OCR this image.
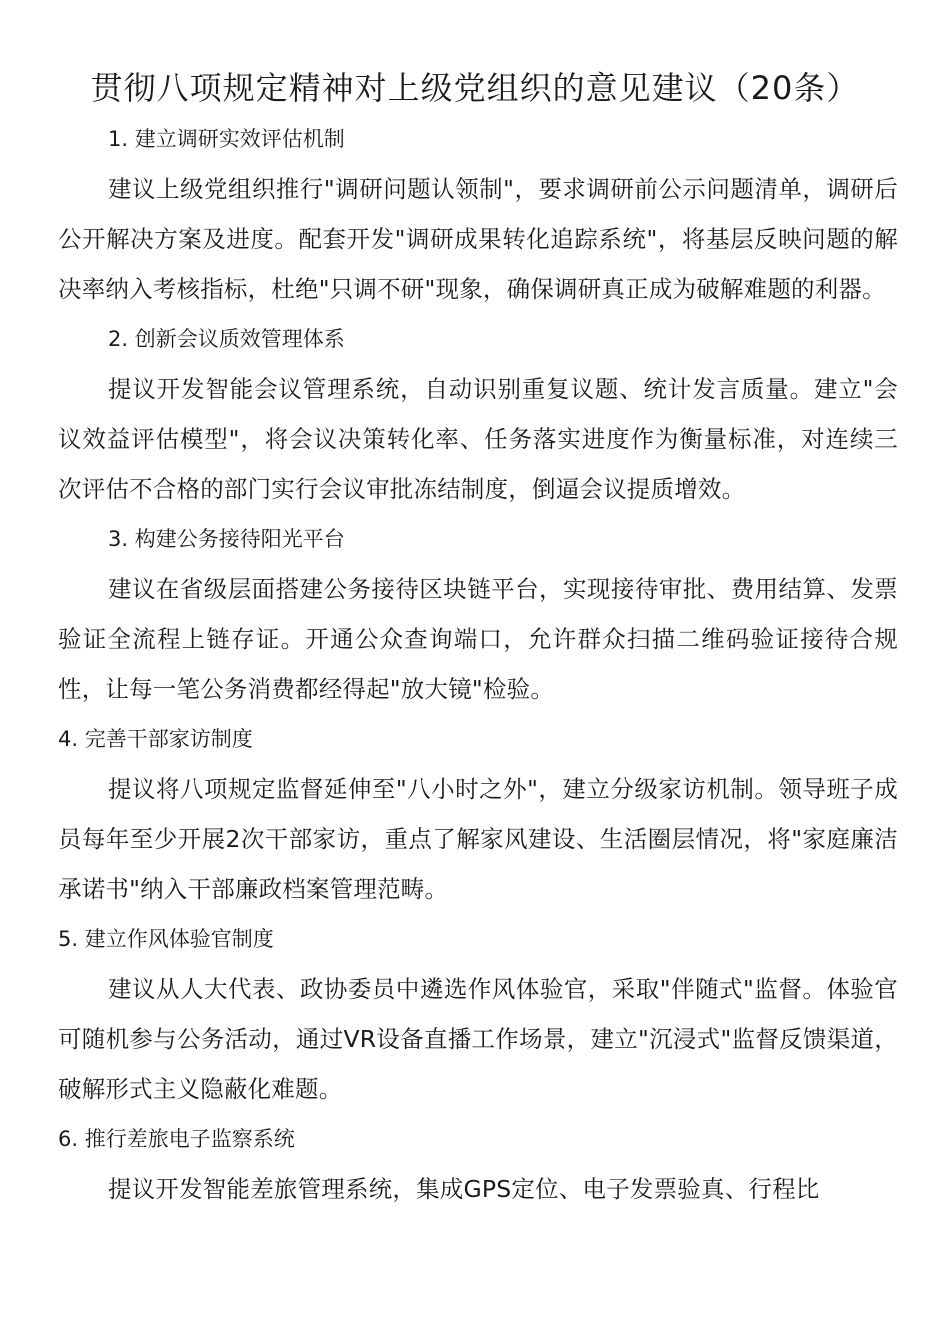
贯彻八项规定精神对上级党组织的意见建议（20条）
1. 建立调研实效评估机制

建议上级党组织推行"调研问题认领制"，要求调研前公示问题清单，调研后公开解决方案及进度。配套开发"调研成果转化追踪系统"，将基层反映问题的解决率纳入考核指标，杜绝"只调不研"现象，确保调研真正成为破解难题的利器。

2. 创新会议质效管理体系

提议开发智能会议管理系统，自动识别重复议题、统计发言质量。建立"会议效益评估模型"，将会议决策转化率、任务落实进度作为衡量标准，对连续三次评估不合格的部门实行会议审批冻结制度，倒逼会议提质增效。

3. 构建公务接待阳光平台

建议在省级层面搭建公务接待区块链平台，实现接待审批、费用结算、发票验证全流程上链存证。开通公众查询端口，允许群众扫描二维码验证接待合规性，让每一笔公务消费都经得起"放大镜"检验。

4. 完善干部家访制度

提议将八项规定监督延伸至"八小时之外"，建立分级家访机制。领导班子成员每年至少开展2次干部家访，重点了解家风建设、生活圈层情况，将"家庭廉洁承诺书"纳入干部廉政档案管理范畴。

5. 建立作风体验官制度

建议从人大代表、政协委员中遴选作风体验官，采取"伴随式"监督。体验官可随机参与公务活动，通过VR设备直播工作场景，建立"沉浸式"监督反馈渠道，破解形式主义隐蔽化难题。

6. 推行差旅电子监察系统

提议开发智能差旅管理系统，集成GPS定位、电子发票验真、行程比
